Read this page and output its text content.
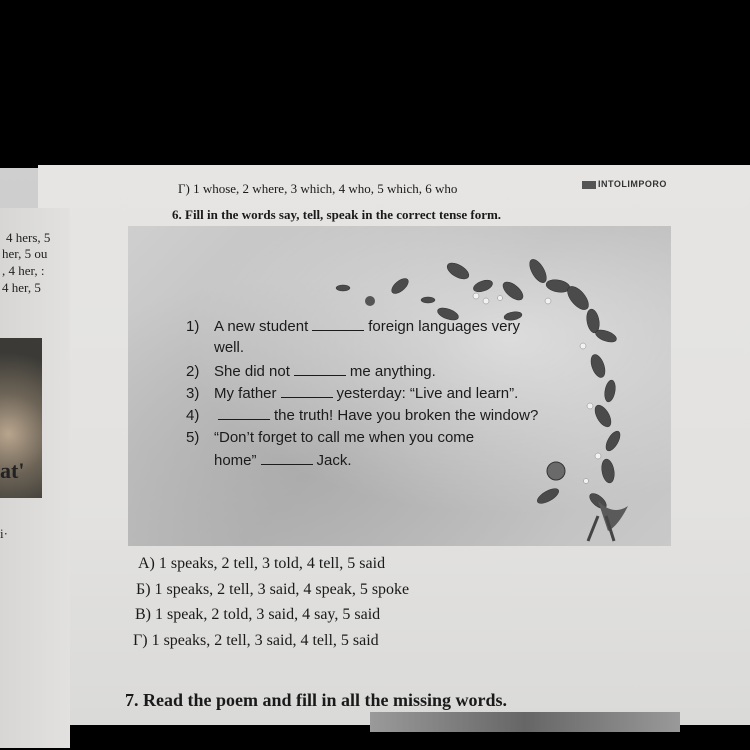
4 hers, 5
her, 5 ou
, 4 her, :
4 her, 5
at'
i·
Г) 1 whose, 2 where, 3 which, 4 who, 5 which, 6 who	INTOLIMPORO
6. Fill in the words say, tell, speak in the correct tense form.
1) A new student	foreign languages very
well.
2) She did not	me anything.
3) My father	yesterday: “Live and learn”.
4)	the truth! Have you broken the window?
5) “Don’t forget to call me when you come
home”	Jack.
А) 1 speaks, 2 tell, 3 told, 4 tell, 5 said
Б) 1 speaks, 2 tell, 3 said, 4 speak, 5 spoke
В) 1 speak, 2 told, 3 said, 4 say, 5 said
Г) 1 speaks, 2 tell, 3 said, 4 tell, 5 said
7. Read the poem and fill in all the missing words.
